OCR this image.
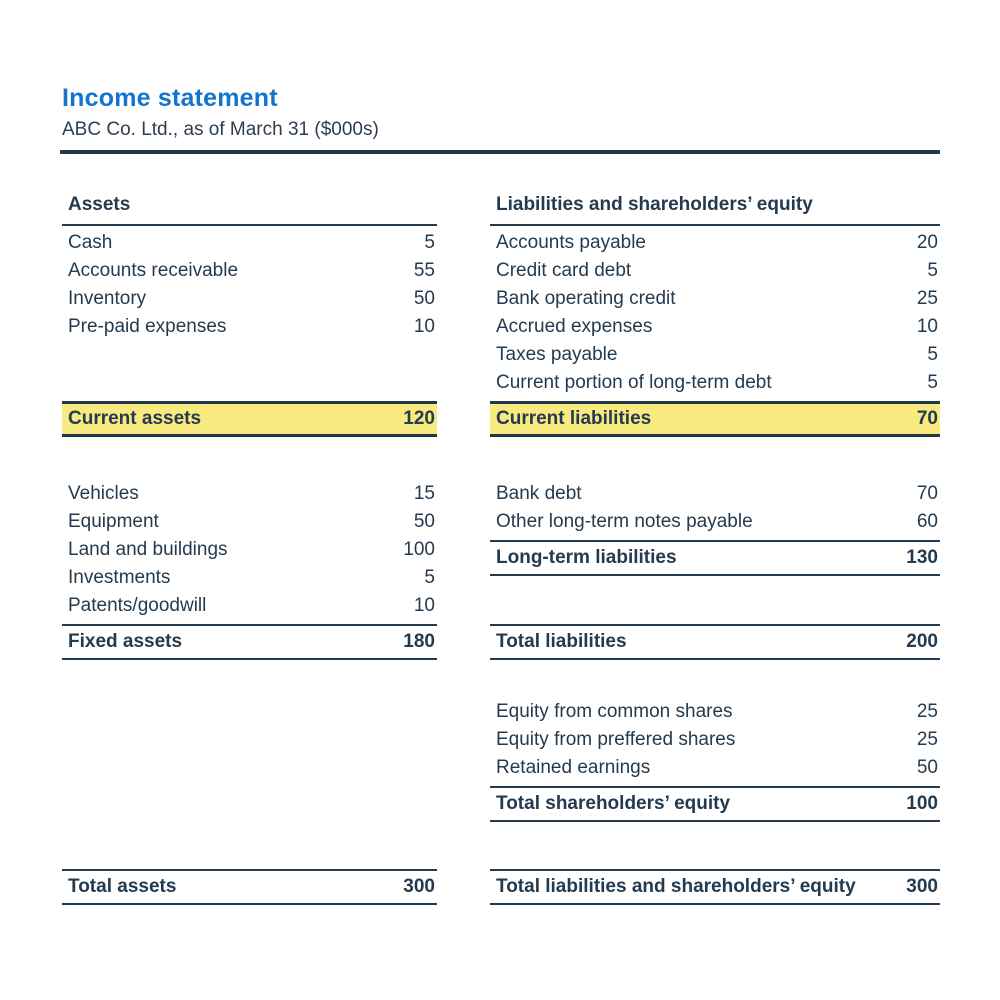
Income statement
ABC Co. Ltd., as of March 31 ($000s)
Assets
Cash	5
Accounts receivable	55
Inventory	50
Pre-paid expenses	10
Current assets	120
Vehicles	15
Equipment	50
Land and buildings	100
Investments	5
Patents/goodwill	10
Fixed assets	180
Total assets	300
Liabilities and shareholders’ equity
Accounts payable	20
Credit card debt	5
Bank operating credit	25
Accrued expenses	10
Taxes payable	5
Current portion of long-term debt	5
Current liabilities	70
Bank debt	70
Other long-term notes payable	60
Long-term liabilities	130
Total liabilities	200
Equity from common shares	25
Equity from preffered shares	25
Retained earnings	50
Total shareholders’ equity	100
Total liabilities and shareholders’ equity	300
